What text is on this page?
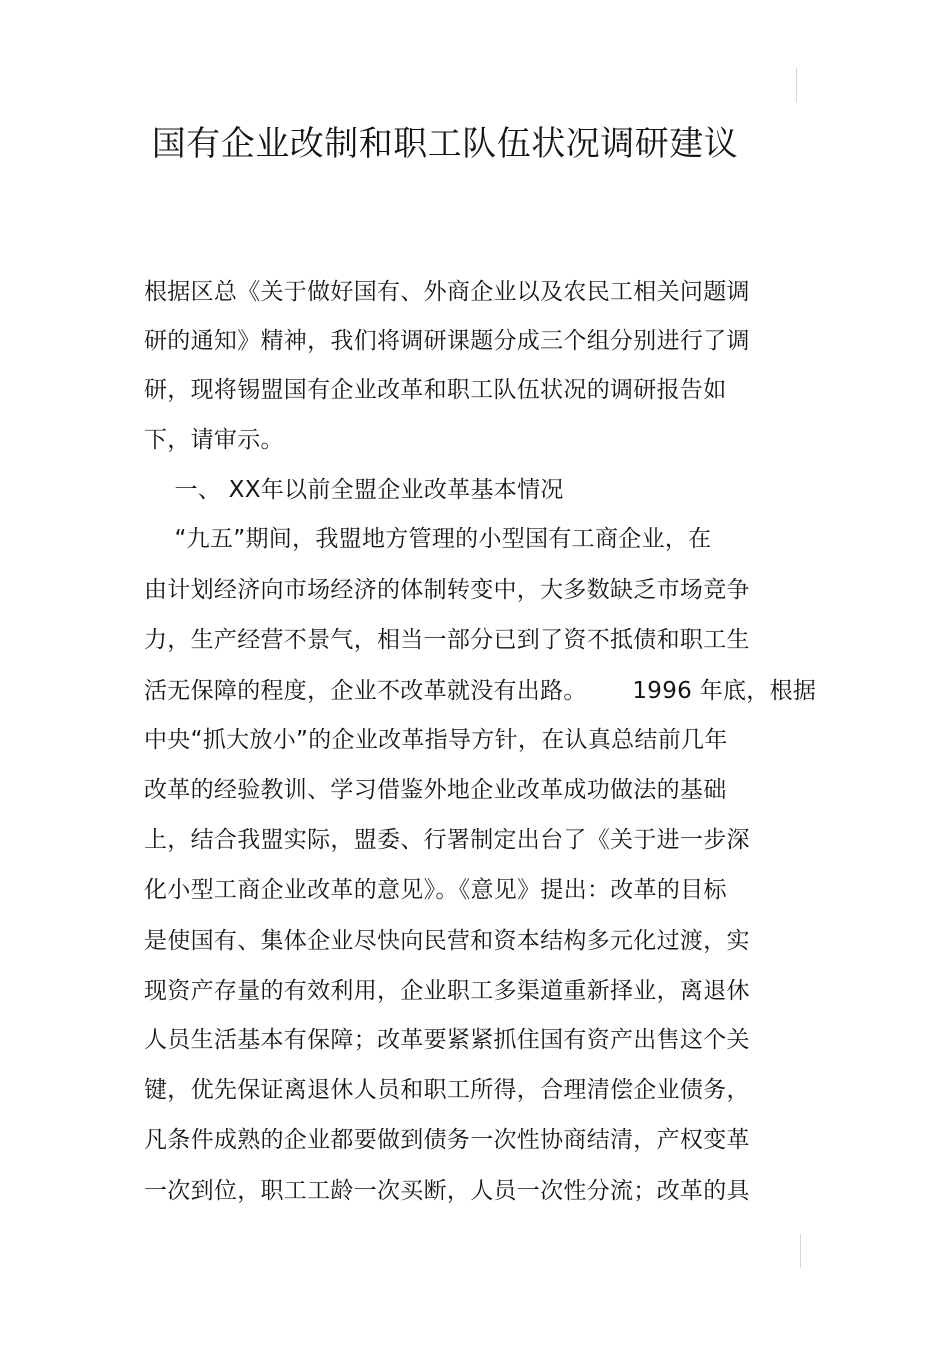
国有企业改制和职工队伍状况调研建议
根据区总《关于做好国有、外商企业以及农民工相关问题调
研的通知》精神，我们将调研课题分成三个组分别进行了调
研，现将锡盟国有企业改革和职工队伍状况的调研报告如
下，请审示。
一、 XX年以前全盟企业改革基本情况
“九五”期间，我盟地方管理的小型国有工商企业，在
由计划经济向市场经济的体制转变中，大多数缺乏市场竞争
力，生产经营不景气，相当一部分已到了资不抵债和职工生
活无保障的程度，企业不改革就没有出路。      1996 年底，根据
中央“抓大放小”的企业改革指导方针，在认真总结前几年
改革的经验教训、学习借鉴外地企业改革成功做法的基础
上，结合我盟实际，盟委、行署制定出台了《关于进一步深
化小型工商企业改革的意见》。《意见》提出：改革的目标
是使国有、集体企业尽快向民营和资本结构多元化过渡，实
现资产存量的有效利用，企业职工多渠道重新择业，离退休
人员生活基本有保障；改革要紧紧抓住国有资产出售这个关
键，优先保证离退休人员和职工所得，合理清偿企业债务，
凡条件成熟的企业都要做到债务一次性协商结清，产权变革
一次到位，职工工龄一次买断，人员一次性分流；改革的具
